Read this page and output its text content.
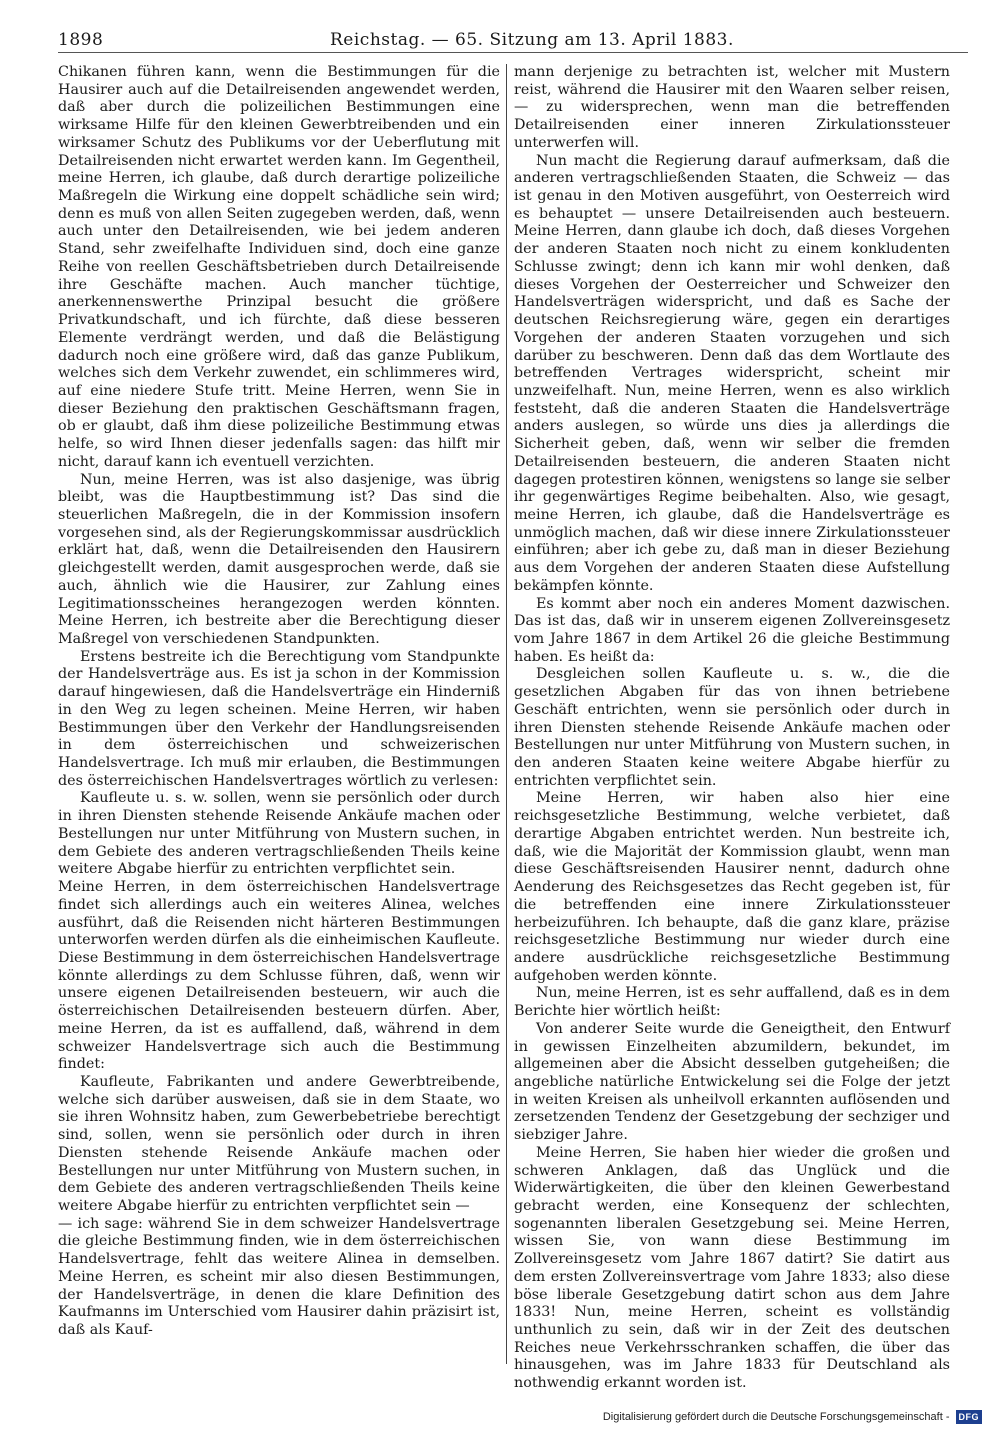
1898	Reichstag. — 65. Sitzung am 13. April 1883.

Chikanen führen kann, wenn die Bestimmungen für die Hausirer auch auf die Detailreisenden angewendet werden, daß aber durch die polizeilichen Bestimmungen eine wirksame Hilfe für den kleinen Gewerbtreibenden und ein wirksamer Schutz des Publikums vor der Ueberflutung mit Detailreisenden nicht erwartet werden kann. Im Gegentheil, meine Herren, ich glaube, daß durch derartige polizeiliche Maßregeln die Wirkung eine doppelt schädliche sein wird; denn es muß von allen Seiten zugegeben werden, daß, wenn auch unter den Detailreisenden, wie bei jedem anderen Stand, sehr zweifelhafte Individuen sind, doch eine ganze Reihe von reellen Geschäftsbetrieben durch Detailreisende ihre Geschäfte machen. Auch mancher tüchtige, anerkennenswerthe Prinzipal besucht die größere Privatkundschaft, und ich fürchte, daß diese besseren Elemente verdrängt werden, und daß die Belästigung dadurch noch eine größere wird, daß das ganze Publikum, welches sich dem Verkehr zuwendet, ein schlimmeres wird, auf eine niedere Stufe tritt. Meine Herren, wenn Sie in dieser Beziehung den praktischen Geschäftsmann fragen, ob er glaubt, daß ihm diese polizeiliche Bestimmung etwas helfe, so wird Ihnen dieser jedenfalls sagen: das hilft mir nicht, darauf kann ich eventuell verzichten.

Nun, meine Herren, was ist also dasjenige, was übrig bleibt, was die Hauptbestimmung ist? Das sind die steuerlichen Maßregeln, die in der Kommission insofern vorgesehen sind, als der Regierungskommissar ausdrücklich erklärt hat, daß, wenn die Detailreisenden den Hausirern gleichgestellt werden, damit ausgesprochen werde, daß sie auch, ähnlich wie die Hausirer, zur Zahlung eines Legitimationsscheines herangezogen werden könnten. Meine Herren, ich bestreite aber die Berechtigung dieser Maßregel von verschiedenen Standpunkten.

Erstens bestreite ich die Berechtigung vom Standpunkte der Handelsverträge aus. Es ist ja schon in der Kommission darauf hingewiesen, daß die Handelsverträge ein Hinderniß in den Weg zu legen scheinen. Meine Herren, wir haben Bestimmungen über den Verkehr der Handlungsreisenden in dem österreichischen und schweizerischen Handelsvertrage. Ich muß mir erlauben, die Bestimmungen des österreichischen Handelsvertrages wörtlich zu verlesen:

Kaufleute u. s. w. sollen, wenn sie persönlich oder durch in ihren Diensten stehende Reisende Ankäufe machen oder Bestellungen nur unter Mitführung von Mustern suchen, in dem Gebiete des anderen vertragschließenden Theils keine weitere Abgabe hierfür zu entrichten verpflichtet sein.

Meine Herren, in dem österreichischen Handelsvertrage findet sich allerdings auch ein weiteres Alinea, welches ausführt, daß die Reisenden nicht härteren Bestimmungen unterworfen werden dürfen als die einheimischen Kaufleute. Diese Bestimmung in dem österreichischen Handelsvertrage könnte allerdings zu dem Schlusse führen, daß, wenn wir unsere eigenen Detailreisenden besteuern, wir auch die österreichischen Detailreisenden besteuern dürfen. Aber, meine Herren, da ist es auffallend, daß, während in dem schweizer Handelsvertrage sich auch die Bestimmung findet:

Kaufleute, Fabrikanten und andere Gewerbtreibende, welche sich darüber ausweisen, daß sie in dem Staate, wo sie ihren Wohnsitz haben, zum Gewerbebetriebe berechtigt sind, sollen, wenn sie persönlich oder durch in ihren Diensten stehende Reisende Ankäufe machen oder Bestellungen nur unter Mitführung von Mustern suchen, in dem Gebiete des anderen vertragschließenden Theils keine weitere Abgabe hierfür zu entrichten verpflichtet sein —

— ich sage: während Sie in dem schweizer Handelsvertrage die gleiche Bestimmung finden, wie in dem österreichischen Handelsvertrage, fehlt das weitere Alinea in demselben. Meine Herren, es scheint mir also diesen Bestimmungen, der Handelsverträge, in denen die klare Definition des Kaufmanns im Unterschied vom Hausirer dahin präzisirt ist, daß als Kauf-

mann derjenige zu betrachten ist, welcher mit Mustern reist, während die Hausirer mit den Waaren selber reisen, — zu widersprechen, wenn man die betreffenden Detailreisenden einer inneren Zirkulationssteuer unterwerfen will.

Nun macht die Regierung darauf aufmerksam, daß die anderen vertragschließenden Staaten, die Schweiz — das ist genau in den Motiven ausgeführt, von Oesterreich wird es behauptet — unsere Detailreisenden auch besteuern. Meine Herren, dann glaube ich doch, daß dieses Vorgehen der anderen Staaten noch nicht zu einem konkludenten Schlusse zwingt; denn ich kann mir wohl denken, daß dieses Vorgehen der Oesterreicher und Schweizer den Handelsverträgen widerspricht, und daß es Sache der deutschen Reichsregierung wäre, gegen ein derartiges Vorgehen der anderen Staaten vorzugehen und sich darüber zu beschweren. Denn daß das dem Wortlaute des betreffenden Vertrages widerspricht, scheint mir unzweifelhaft. Nun, meine Herren, wenn es also wirklich feststeht, daß die anderen Staaten die Handelsverträge anders auslegen, so würde uns dies ja allerdings die Sicherheit geben, daß, wenn wir selber die fremden Detailreisenden besteuern, die anderen Staaten nicht dagegen protestiren können, wenigstens so lange sie selber ihr gegenwärtiges Regime beibehalten. Also, wie gesagt, meine Herren, ich glaube, daß die Handelsverträge es unmöglich machen, daß wir diese innere Zirkulationssteuer einführen; aber ich gebe zu, daß man in dieser Beziehung aus dem Vorgehen der anderen Staaten diese Aufstellung bekämpfen könnte.

Es kommt aber noch ein anderes Moment dazwischen. Das ist das, daß wir in unserem eigenen Zollvereinsgesetz vom Jahre 1867 in dem Artikel 26 die gleiche Bestimmung haben. Es heißt da:

Desgleichen sollen Kaufleute u. s. w., die die gesetzlichen Abgaben für das von ihnen betriebene Geschäft entrichten, wenn sie persönlich oder durch in ihren Diensten stehende Reisende Ankäufe machen oder Bestellungen nur unter Mitführung von Mustern suchen, in den anderen Staaten keine weitere Abgabe hierfür zu entrichten verpflichtet sein.

Meine Herren, wir haben also hier eine reichsgesetzliche Bestimmung, welche verbietet, daß derartige Abgaben entrichtet werden. Nun bestreite ich, daß, wie die Majorität der Kommission glaubt, wenn man diese Geschäftsreisenden Hausirer nennt, dadurch ohne Aenderung des Reichsgesetzes das Recht gegeben ist, für die betreffenden eine innere Zirkulationssteuer herbeizuführen. Ich behaupte, daß die ganz klare, präzise reichsgesetzliche Bestimmung nur wieder durch eine andere ausdrückliche reichsgesetzliche Bestimmung aufgehoben werden könnte.

Nun, meine Herren, ist es sehr auffallend, daß es in dem Berichte hier wörtlich heißt:

Von anderer Seite wurde die Geneigtheit, den Entwurf in gewissen Einzelheiten abzumildern, bekundet, im allgemeinen aber die Absicht desselben gutgeheißen; die angebliche natürliche Entwickelung sei die Folge der jetzt in weiten Kreisen als unheilvoll erkannten auflösenden und zersetzenden Tendenz der Gesetzgebung der sechziger und siebziger Jahre.

Meine Herren, Sie haben hier wieder die großen und schweren Anklagen, daß das Unglück und die Widerwärtigkeiten, die über den kleinen Gewerbestand gebracht werden, eine Konsequenz der schlechten, sogenannten liberalen Gesetzgebung sei. Meine Herren, wissen Sie, von wann diese Bestimmung im Zollvereinsgesetz vom Jahre 1867 datirt? Sie datirt aus dem ersten Zollvereinsvertrage vom Jahre 1833; also diese böse liberale Gesetzgebung datirt schon aus dem Jahre 1833! Nun, meine Herren, scheint es vollständig unthunlich zu sein, daß wir in der Zeit des deutschen Reiches neue Verkehrsschranken schaffen, die über das hinausgehen, was im Jahre 1833 für Deutschland als nothwendig erkannt worden ist.

Digitalisierung gefördert durch die Deutsche Forschungsgemeinschaft -	DFG
